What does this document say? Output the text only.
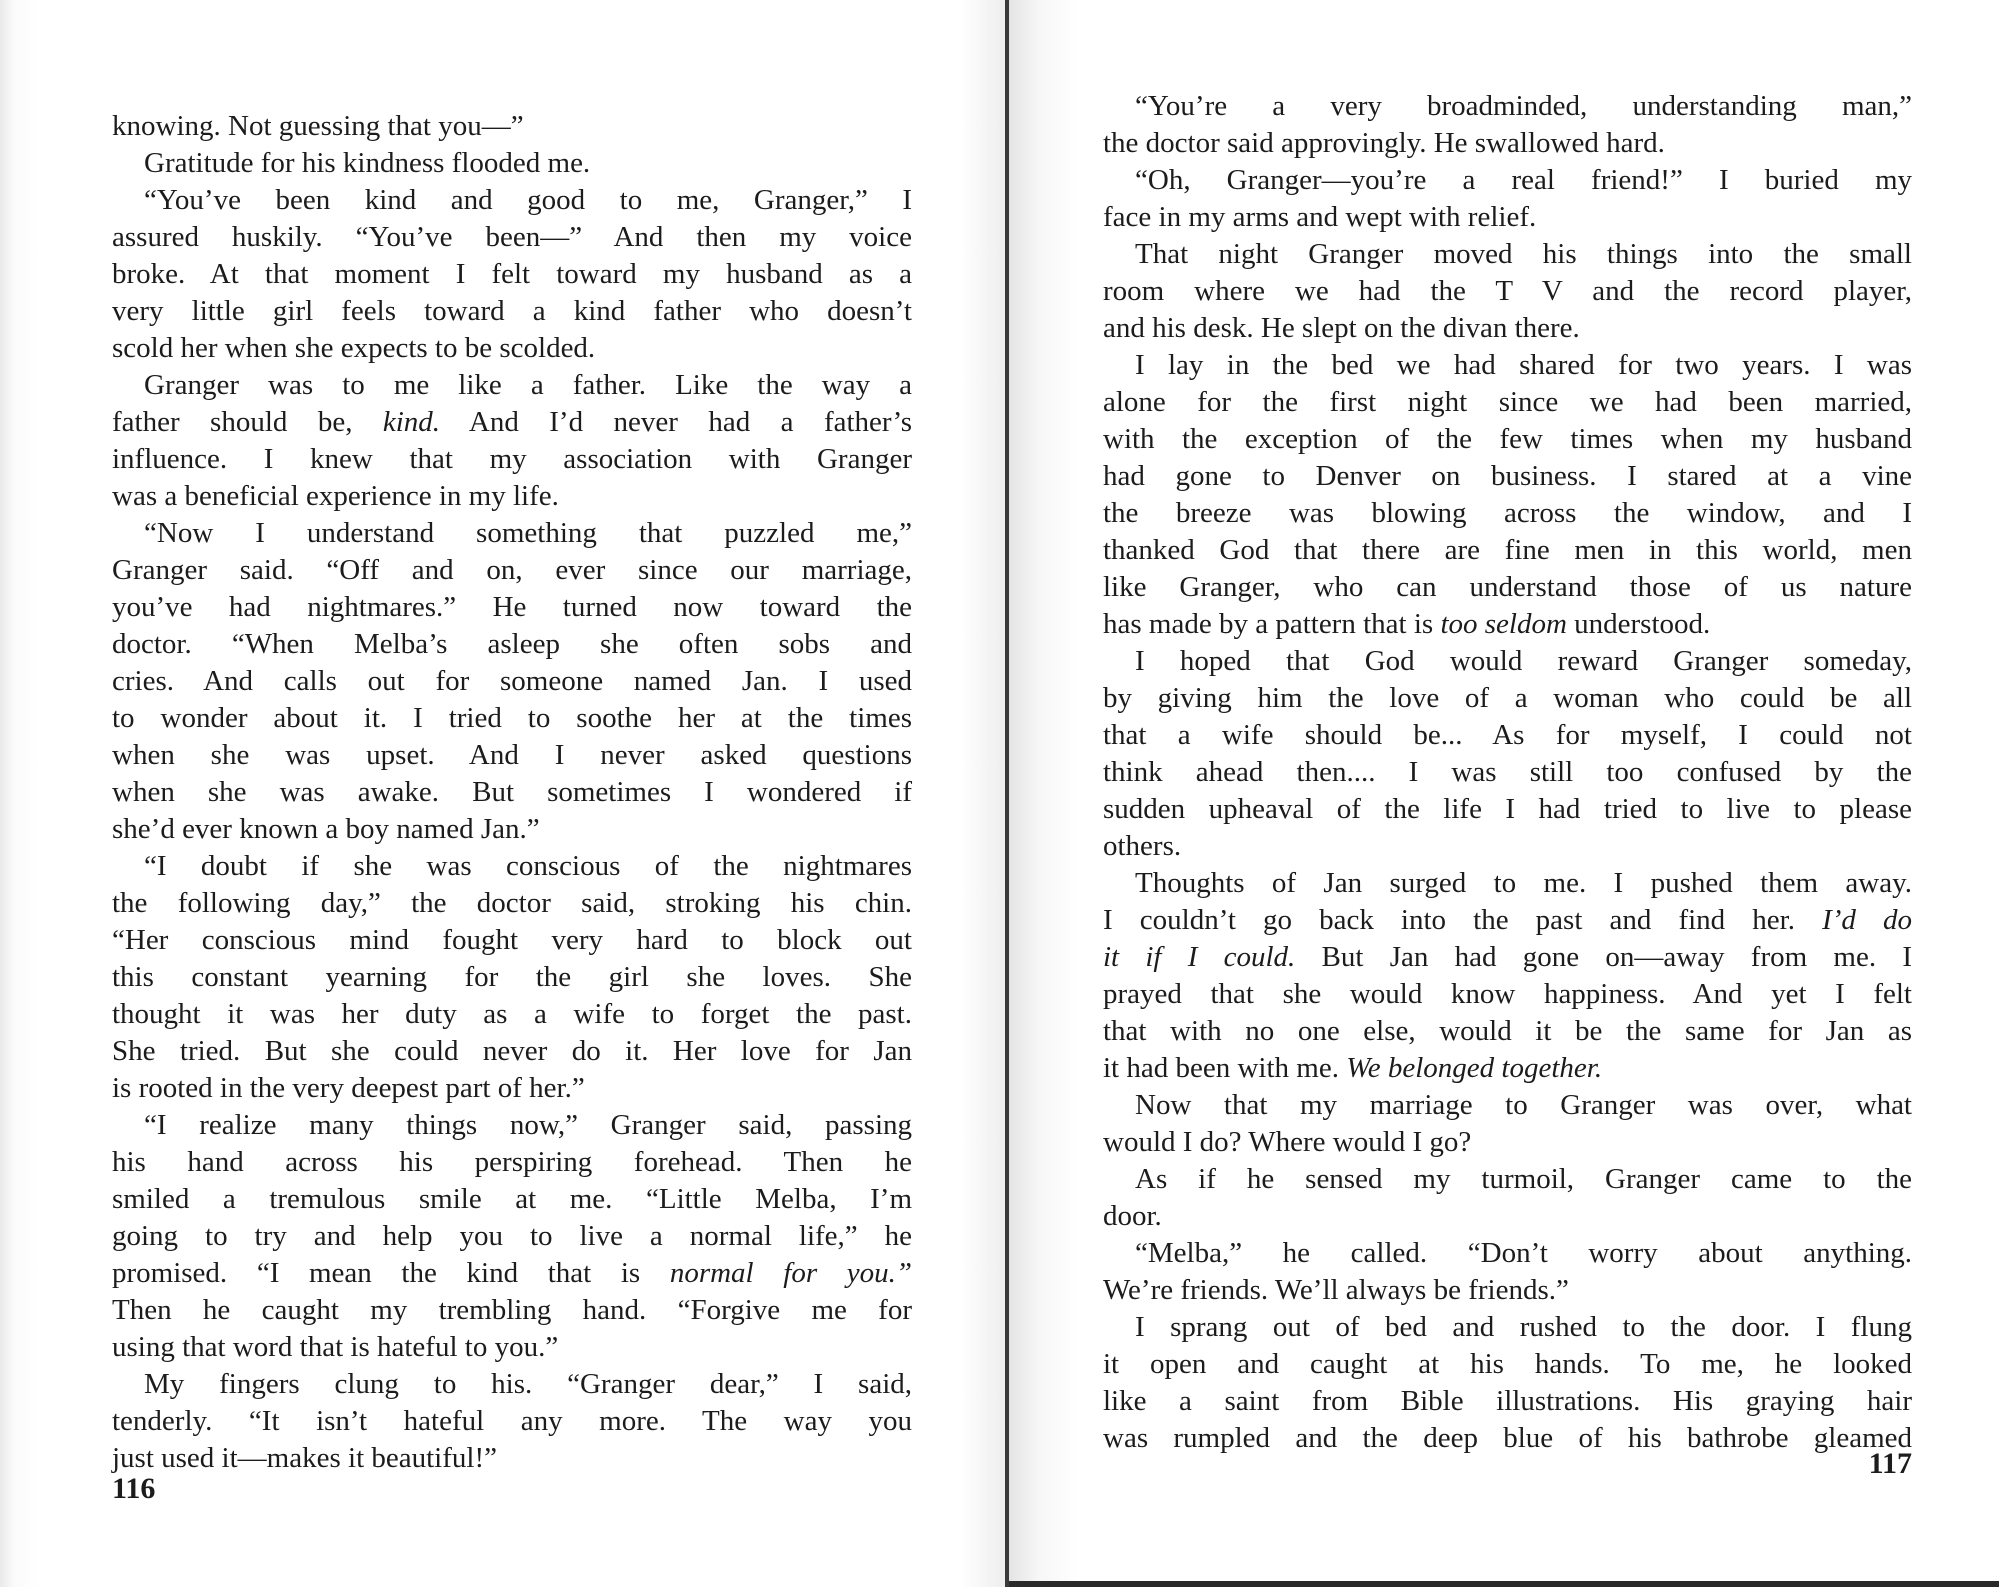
knowing. Not guessing that you—”
Gratitude for his kindness flooded me.
“You’ve been kind and good to me, Granger,” I
assured huskily. “You’ve been—” And then my voice
broke. At that moment I felt toward my husband as a
very little girl feels toward a kind father who doesn’t
scold her when she expects to be scolded.
Granger was to me like a father. Like the way a
father should be, kind. And I’d never had a father’s
influence. I knew that my association with Granger
was a beneficial experience in my life.
“Now I understand something that puzzled me,”
Granger said. “Off and on, ever since our marriage,
you’ve had nightmares.” He turned now toward the
doctor. “When Melba’s asleep she often sobs and
cries. And calls out for someone named Jan. I used
to wonder about it. I tried to soothe her at the times
when she was upset. And I never asked questions
when she was awake. But sometimes I wondered if
she’d ever known a boy named Jan.”
“I doubt if she was conscious of the nightmares
the following day,” the doctor said, stroking his chin.
“Her conscious mind fought very hard to block out
this constant yearning for the girl she loves. She
thought it was her duty as a wife to forget the past.
She tried. But she could never do it. Her love for Jan
is rooted in the very deepest part of her.”
“I realize many things now,” Granger said, passing
his hand across his perspiring forehead. Then he
smiled a tremulous smile at me. “Little Melba, I’m
going to try and help you to live a normal life,” he
promised. “I mean the kind that is normal for you.”
Then he caught my trembling hand. “Forgive me for
using that word that is hateful to you.”
My fingers clung to his. “Granger dear,” I said,
tenderly. “It isn’t hateful any more. The way you
just used it—makes it beautiful!”
116
117
“You’re a very broadminded, understanding man,”
the doctor said approvingly. He swallowed hard.
“Oh, Granger—you’re a real friend!” I buried my
face in my arms and wept with relief.
That night Granger moved his things into the small
room where we had the T V and the record player,
and his desk. He slept on the divan there.
I lay in the bed we had shared for two years. I was
alone for the first night since we had been married,
with the exception of the few times when my husband
had gone to Denver on business. I stared at a vine
the breeze was blowing across the window, and I
thanked God that there are fine men in this world, men
like Granger, who can understand those of us nature
has made by a pattern that is too seldom understood.
I hoped that God would reward Granger someday,
by giving him the love of a woman who could be all
that a wife should be... As for myself, I could not
think ahead then.... I was still too confused by the
sudden upheaval of the life I had tried to live to please
others.
Thoughts of Jan surged to me. I pushed them away.
I couldn’t go back into the past and find her. I’d do
it if I could. But Jan had gone on—away from me. I
prayed that she would know happiness. And yet I felt
that with no one else, would it be the same for Jan as
it had been with me. We belonged together.
Now that my marriage to Granger was over, what
would I do? Where would I go?
As if he sensed my turmoil, Granger came to the
door.
“Melba,” he called. “Don’t worry about anything.
We’re friends. We’ll always be friends.”
I sprang out of bed and rushed to the door. I flung
it open and caught at his hands. To me, he looked
like a saint from Bible illustrations. His graying hair
was rumpled and the deep blue of his bathrobe gleamed
